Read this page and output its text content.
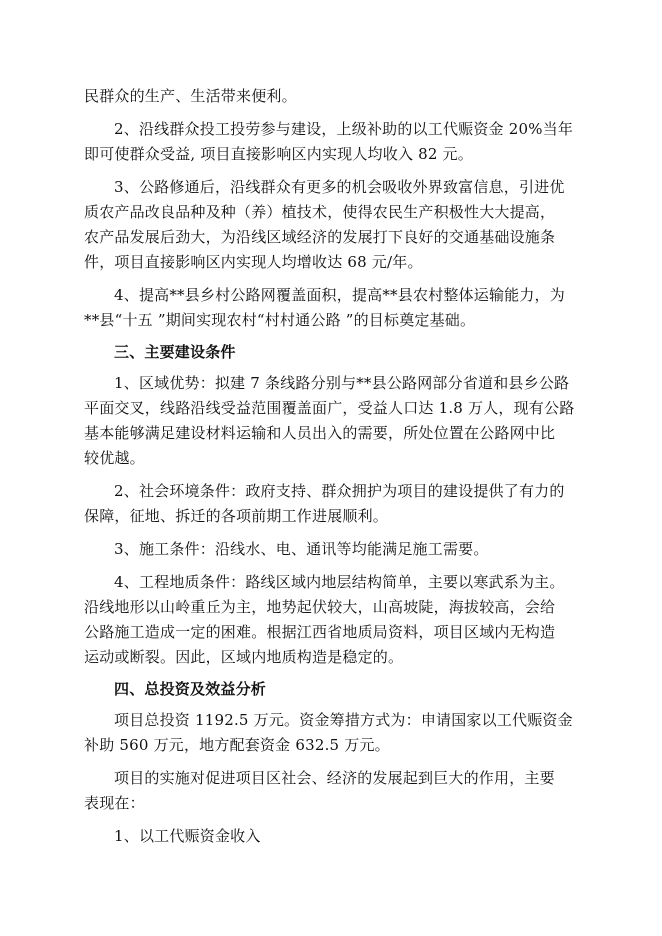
民群众的生产、生活带来便利。
2、沿线群众投工投劳参与建设，上级补助的以工代赈资金 20%当年
即可使群众受益, 项目直接影响区内实现人均收入 82 元。
3、公路修通后，沿线群众有更多的机会吸收外界致富信息，引进优
质农产品改良品种及种（养）植技术，使得农民生产积极性大大提高，
农产品发展后劲大，为沿线区域经济的发展打下良好的交通基础设施条
件，项目直接影响区内实现人均增收达 68 元/年。
4、提高**县乡村公路网覆盖面积，提高**县农村整体运输能力，为
**县“十五 ”期间实现农村“村村通公路 ”的目标奠定基础。
三、主要建设条件
1、区域优势：拟建 7 条线路分别与**县公路网部分省道和县乡公路
平面交叉，线路沿线受益范围覆盖面广，受益人口达 1.8 万人，现有公路
基本能够满足建设材料运输和人员出入的需要，所处位置在公路网中比
较优越。
2、社会环境条件：政府支持、群众拥护为项目的建设提供了有力的
保障，征地、拆迁的各项前期工作进展顺利。
3、施工条件：沿线水、电、通讯等均能满足施工需要。
4、工程地质条件：路线区域内地层结构简单，主要以寒武系为主。
沿线地形以山岭重丘为主，地势起伏较大，山高坡陡，海拔较高，会给
公路施工造成一定的困难。根据江西省地质局资料，项目区域内无构造
运动或断裂。因此，区域内地质构造是稳定的。
四、总投资及效益分析
项目总投资 1192.5 万元。资金筹措方式为：申请国家以工代赈资金
补助 560 万元，地方配套资金 632.5 万元。
项目的实施对促进项目区社会、经济的发展起到巨大的作用，主要
表现在：
1、以工代赈资金收入
